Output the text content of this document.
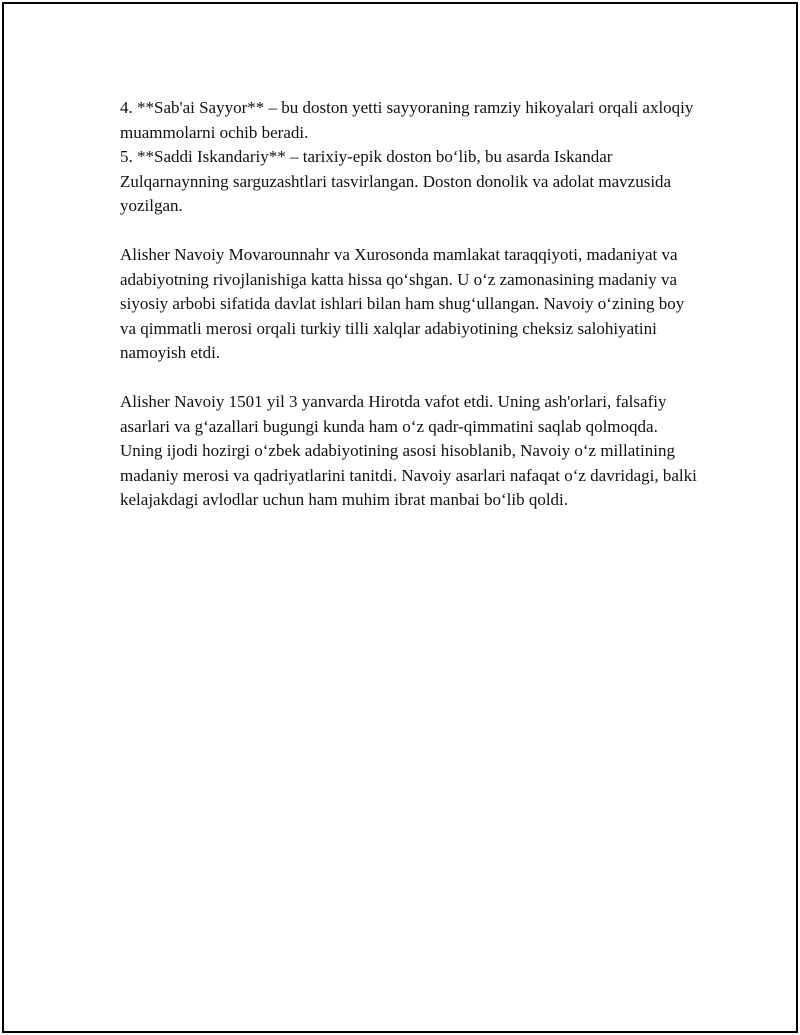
4. **Sab'ai Sayyor** – bu doston yetti sayyoraning ramziy hikoyalari orqali axloqiy muammolarni ochib beradi.

5. **Saddi Iskandariy** – tarixiy-epik doston bo‘lib, bu asarda Iskandar Zulqarnaynning sarguzashtlari tasvirlangan. Doston donolik va adolat mavzusida yozilgan.

Alisher Navoiy Movarounnahr va Xurosonda mamlakat taraqqiyoti, madaniyat va adabiyotning rivojlanishiga katta hissa qo‘shgan. U o‘z zamonasining madaniy va siyosiy arbobi sifatida davlat ishlari bilan ham shug‘ullangan. Navoiy o‘zining boy va qimmatli merosi orqali turkiy tilli xalqlar adabiyotining cheksiz salohiyatini namoyish etdi.

Alisher Navoiy 1501 yil 3 yanvarda Hirotda vafot etdi. Uning ash'orlari, falsafiy asarlari va g‘azallari bugungi kunda ham o‘z qadr-qimmatini saqlab qolmoqda. Uning ijodi hozirgi o‘zbek adabiyotining asosi hisoblanib, Navoiy o‘z millatining madaniy merosi va qadriyatlarini tanitdi. Navoiy asarlari nafaqat o‘z davridagi, balki kelajakdagi avlodlar uchun ham muhim ibrat manbai bo‘lib qoldi.
